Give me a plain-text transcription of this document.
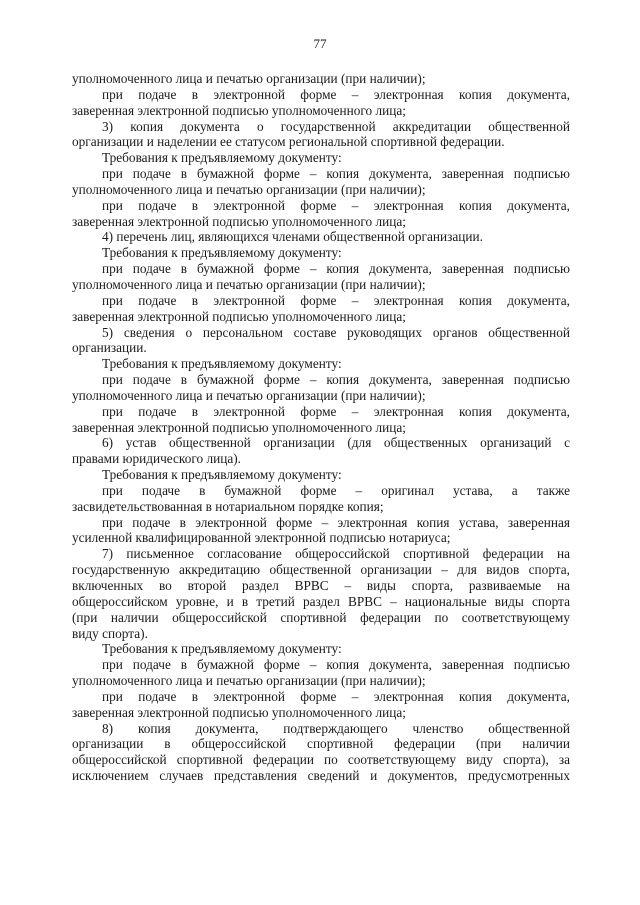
77
уполномоченного лица и печатью организации (при наличии);
при подаче в электронной форме – электронная копия документа,
заверенная электронной подписью уполномоченного лица;
3) копия документа о государственной аккредитации общественной
организации и наделении ее статусом региональной спортивной федерации.
Требования к предъявляемому документу:
при подаче в бумажной форме – копия документа, заверенная подписью
уполномоченного лица и печатью организации (при наличии);
при подаче в электронной форме – электронная копия документа,
заверенная электронной подписью уполномоченного лица;
4) перечень лиц, являющихся членами общественной организации.
Требования к предъявляемому документу:
при подаче в бумажной форме – копия документа, заверенная подписью
уполномоченного лица и печатью организации (при наличии);
при подаче в электронной форме – электронная копия документа,
заверенная электронной подписью уполномоченного лица;
5) сведения о персональном составе руководящих органов общественной
организации.
Требования к предъявляемому документу:
при подаче в бумажной форме – копия документа, заверенная подписью
уполномоченного лица и печатью организации (при наличии);
при подаче в электронной форме – электронная копия документа,
заверенная электронной подписью уполномоченного лица;
6) устав общественной организации (для общественных организаций с
правами юридического лица).
Требования к предъявляемому документу:
при подаче в бумажной форме – оригинал устава, а также
засвидетельствованная в нотариальном порядке копия;
при подаче в электронной форме – электронная копия устава, заверенная
усиленной квалифицированной электронной подписью нотариуса;
7) письменное согласование общероссийской спортивной федерации на
государственную аккредитацию общественной организации – для видов спорта,
включенных во второй раздел ВРВС – виды спорта, развиваемые на
общероссийском уровне, и в третий раздел ВРВС – национальные виды спорта
(при наличии общероссийской спортивной федерации по соответствующему
виду спорта).
Требования к предъявляемому документу:
при подаче в бумажной форме – копия документа, заверенная подписью
уполномоченного лица и печатью организации (при наличии);
при подаче в электронной форме – электронная копия документа,
заверенная электронной подписью уполномоченного лица;
8) копия документа, подтверждающего членство общественной
организации в общероссийской спортивной федерации (при наличии
общероссийской спортивной федерации по соответствующему виду спорта), за
исключением случаев представления сведений и документов, предусмотренных
